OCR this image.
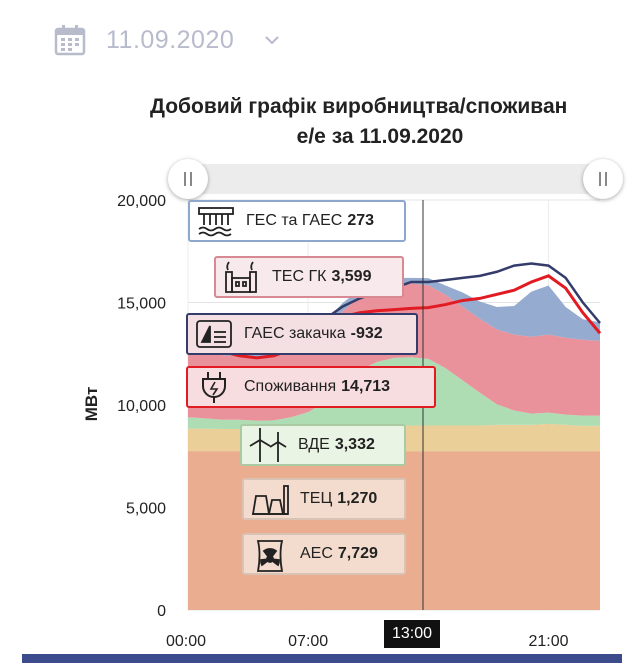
11.09.2020
Добовий графік виробництва/споживан
е/е за 11.09.2020
20,000
15,000
10,000
5,000
0
00:00	07:00	21:00
МВт
ГЕС та ГАЕС 273
ТЕС ГК 3,599
ГАЕС закачка -932
Споживання 14,713
ВДЕ 3,332
ТЕЦ 1,270
АЕС 7,729
13:00
